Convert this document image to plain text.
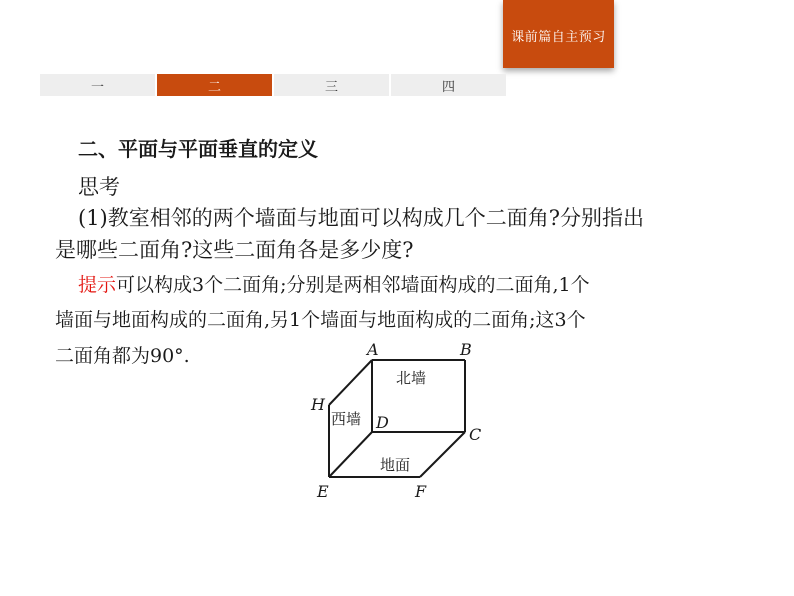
课前篇自主预习
一	二	三	四
二、平面与平面垂直的定义
思考
(1)教室相邻的两个墙面与地面可以构成几个二面角?分别指出
是哪些二面角?这些二面角各是多少度?
提示可以构成3个二面角;分别是两相邻墙面构成的二面角,1个
墙面与地面构成的二面角,另1个墙面与地面构成的二面角;这3个
二面角都为90°.	A	B
C
D
E	F
H
北墙
西墙
地面
